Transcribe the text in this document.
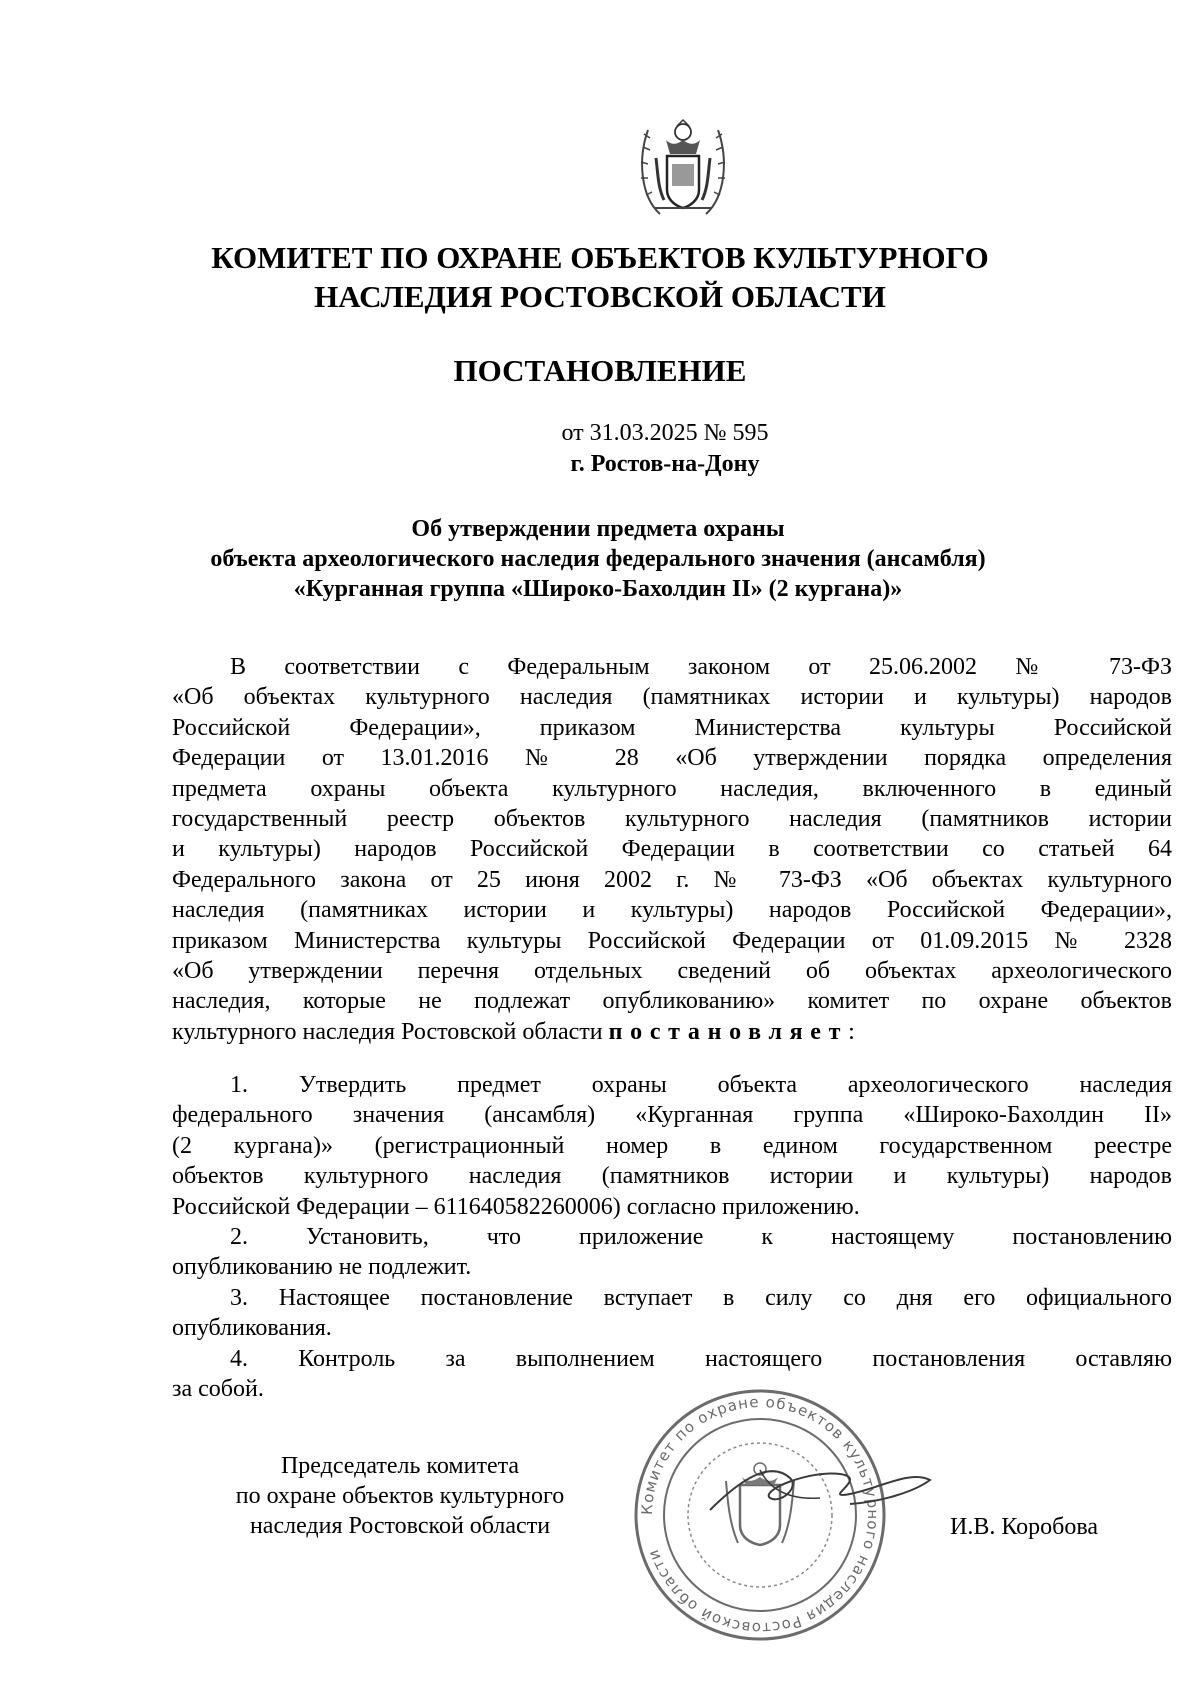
КОМИТЕТ ПО ОХРАНЕ ОБЪЕКТОВ КУЛЬТУРНОГО
НАСЛЕДИЯ РОСТОВСКОЙ ОБЛАСТИ
ПОСТАНОВЛЕНИЕ
от 31.03.2025 № 595
г. Ростов-на-Дону
Об утверждении предмета охраны
объекта археологического наследия федерального значения (ансамбля)
«Курганная группа «Широко-Бахолдин II» (2 кургана)»

В соответствии с Федеральным законом от 25.06.2002 № 73-ФЗ
«Об объектах культурного наследия (памятниках истории и культуры) народов
Российской Федерации», приказом Министерства культуры Российской
Федерации от 13.01.2016 № 28 «Об утверждении порядка определения
предмета охраны объекта культурного наследия, включенного в единый
государственный реестр объектов культурного наследия (памятников истории
и культуры) народов Российской Федерации в соответствии со статьей 64
Федерального закона от 25 июня 2002 г. № 73-ФЗ «Об объектах культурного
наследия (памятниках истории и культуры) народов Российской Федерации»,
приказом Министерства культуры Российской Федерации от 01.09.2015 № 2328
«Об утверждении перечня отдельных сведений об объектах археологического
наследия, которые не подлежат опубликованию» комитет по охране объектов
культурного наследия Ростовской области постановляет:

1. Утвердить предмет охраны объекта археологического наследия
федерального значения (ансамбля) «Курганная группа «Широко-Бахолдин II»
(2 кургана)» (регистрационный номер в едином государственном реестре
объектов культурного наследия (памятников истории и культуры) народов
Российской Федерации – 611640582260006) согласно приложению.
2. Установить, что приложение к настоящему постановлению
опубликованию не подлежит.
3. Настоящее постановление вступает в силу со дня его официального
опубликования.
4. Контроль за выполнением настоящего постановления оставляю
за собой.
Председатель комитета
по охране объектов культурного
наследия Ростовской области
Комитет по охране объектов культурного наследия Ростовской области
И.В. Коробова
